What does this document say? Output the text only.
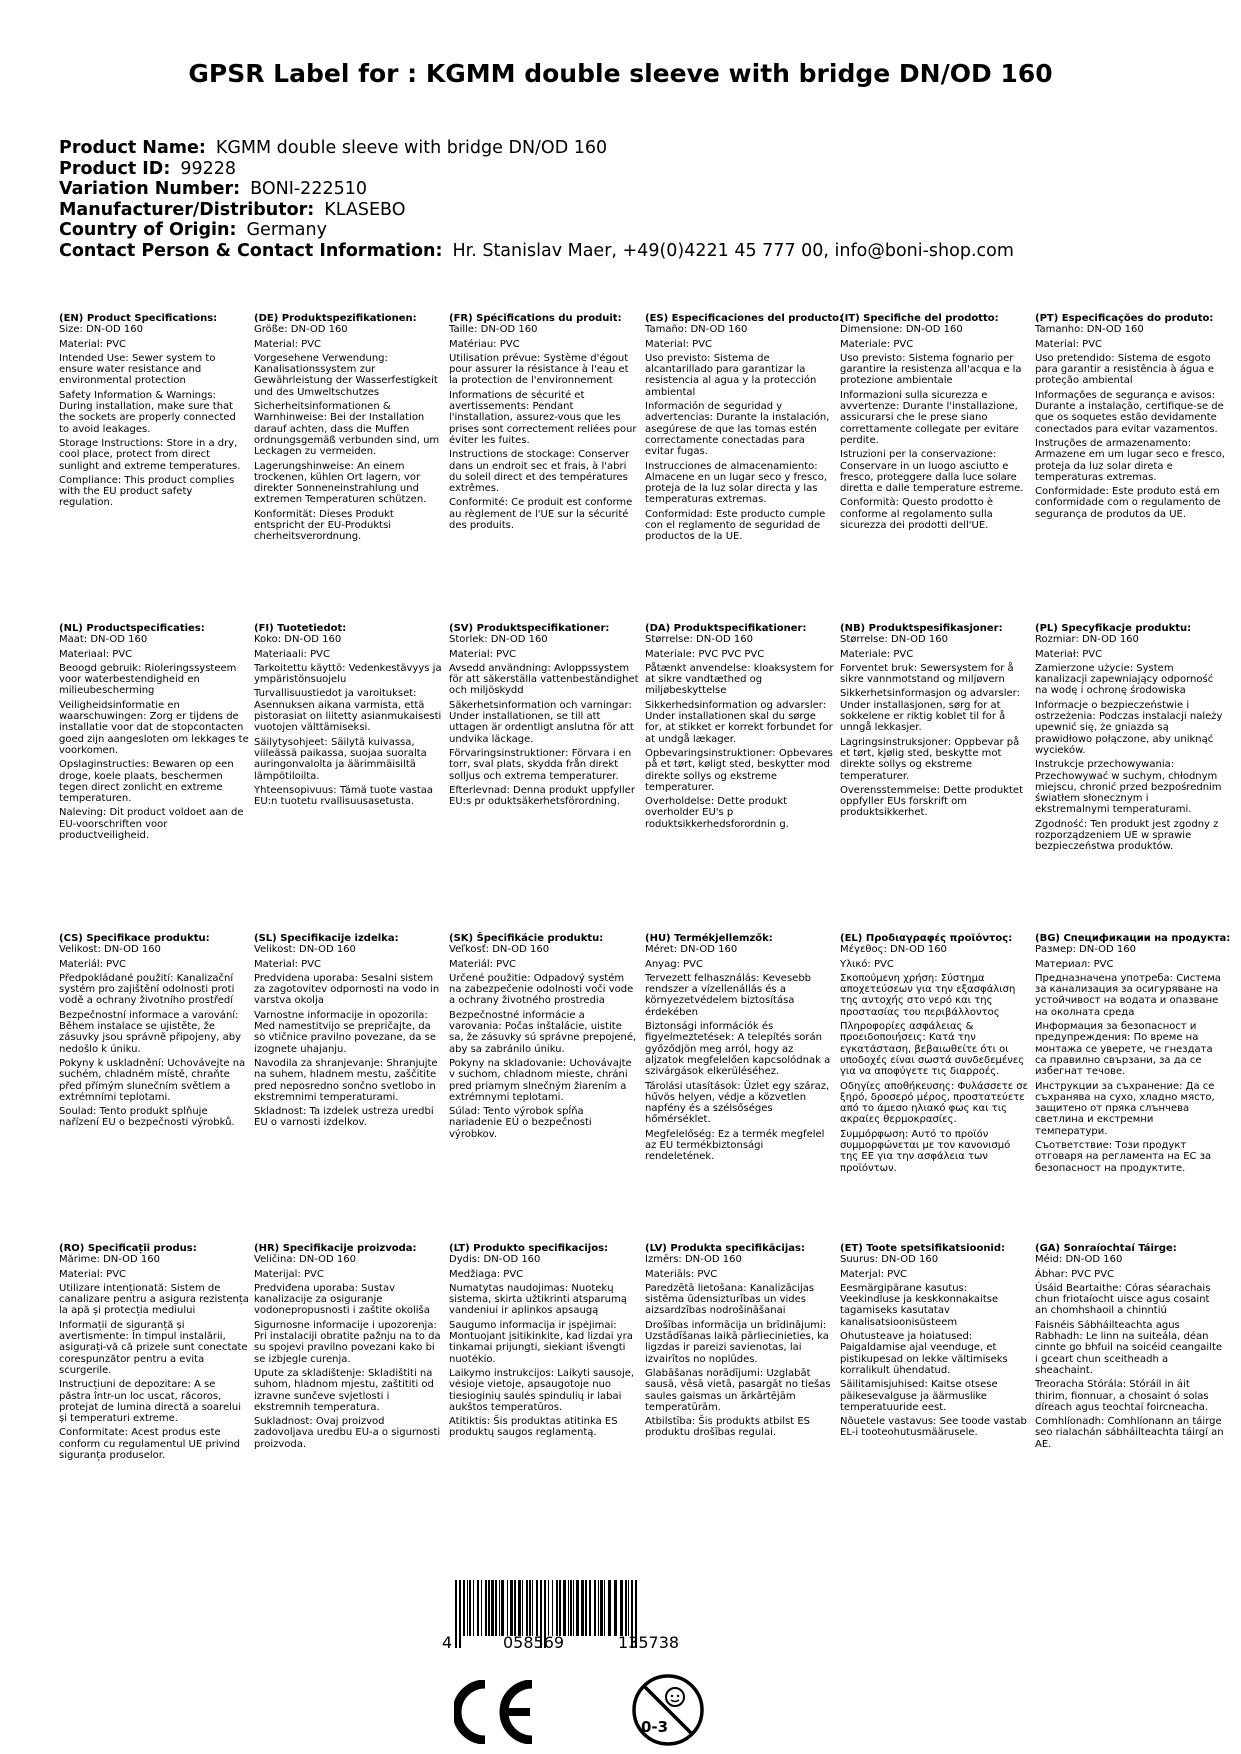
GPSR Label for : KGMM double sleeve with bridge DN/OD 160
Product Name: KGMM double sleeve with bridge DN/OD 160
Product ID: 99228
Variation Number: BONI-222510
Manufacturer/Distributor: KLASEBO
Country of Origin: Germany
Contact Person & Contact Information: Hr. Stanislav Maer, +49(0)4221 45 777 00, info@boni-shop.com
(EN) Product Specifications:
Size: DN-OD 160
Material: PVC
Intended Use: Sewer system to ensure water resistance and environmental protection
Safety Information & Warnings: During installation, make sure that the sockets are properly connected to avoid leakages.
Storage Instructions: Store in a dry, cool place, protect from direct sunlight and extreme temperatures.
Compliance: This product complies with the EU product safety regulation.
(DE) Produktspezifikationen:
Größe: DN-OD 160
Material: PVC
Vorgesehene Verwendung: Kanalisationssystem zur Gewährleistung der Wasserfestigkeit und des Umweltschutzes
Sicherheitsinformationen & Warnhinweise: Bei der Installation darauf achten, dass die Muffen ordnungsgemäß verbunden sind, um Leckagen zu vermeiden.
Lagerungshinweise: An einem trockenen, kühlen Ort lagern, vor direkter Sonneneinstrahlung und extremen Temperaturen schützen.
Konformität: Dieses Produkt entspricht der EU-Produktsi cherheitsverordnung.
(FR) Spécifications du produit:
Taille: DN-OD 160
Matériau: PVC
Utilisation prévue: Système d'égout pour assurer la résistance à l'eau et la protection de l'environnement
Informations de sécurité et avertissements: Pendant l'installation, assurez-vous que les prises sont correctement reliées pour éviter les fuites.
Instructions de stockage: Conserver dans un endroit sec et frais, à l'abri du soleil direct et des températures extrêmes.
Conformité: Ce produit est conforme au règlement de l'UE sur la sécurité des produits.
(ES) Especificaciones del producto:
Tamaño: DN-OD 160
Material: PVC
Uso previsto: Sistema de alcantarillado para garantizar la resistencia al agua y la protección ambiental
Información de seguridad y advertencias: Durante la instalación, asegúrese de que las tomas estén correctamente conectadas para evitar fugas.
Instrucciones de almacenamiento: Almacene en un lugar seco y fresco, proteja de la luz solar directa y las temperaturas extremas.
Conformidad: Este producto cumple con el reglamento de seguridad de productos de la UE.
(IT) Specifiche del prodotto:
Dimensione: DN-OD 160
Materiale: PVC
Uso previsto: Sistema fognario per garantire la resistenza all'acqua e la protezione ambientale
Informazioni sulla sicurezza e avvertenze: Durante l'installazione, assicurarsi che le prese siano correttamente collegate per evitare perdite.
Istruzioni per la conservazione: Conservare in un luogo asciutto e fresco, proteggere dalla luce solare diretta e dalle temperature estreme.
Conformità: Questo prodotto è conforme al regolamento sulla sicurezza dei prodotti dell'UE.
(PT) Especificações do produto:
Tamanho: DN-OD 160
Material: PVC
Uso pretendido: Sistema de esgoto para garantir a resistência à água e proteção ambiental
Informações de segurança e avisos: Durante a instalação, certifique-se de que os soquetes estão devidamente conectados para evitar vazamentos.
Instruções de armazenamento: Armazene em um lugar seco e fresco, proteja da luz solar direta e temperaturas extremas.
Conformidade: Este produto está em conformidade com o regulamento de segurança de produtos da UE.
(NL) Productspecificaties:
Maat: DN-OD 160
Materiaal: PVC
Beoogd gebruik: Rioleringssysteem voor waterbestendigheid en milieubescherming
Veiligheidsinformatie en waarschuwingen: Zorg er tijdens de installatie voor dat de stopcontacten goed zijn aangesloten om lekkages te voorkomen.
Opslaginstructies: Bewaren op een droge, koele plaats, beschermen tegen direct zonlicht en extreme temperaturen.
Naleving: Dit product voldoet aan de EU-voorschriften voor productveiligheid.
(FI) Tuotetiedot:
Koko: DN-OD 160
Materiaali: PVC
Tarkoitettu käyttö: Vedenkestävyys ja ympäristönsuojelu
Turvallisuustiedot ja varoitukset: Asennuksen aikana varmista, että pistorasiat on liitetty asianmukaisesti vuotojen välttämiseksi.
Säilytysohjeet: Säilytä kuivassa, viileässä paikassa, suojaa suoralta auringonvalolta ja äärimmäisiltä lämpötiloilta.
Yhteensopivuus: Tämä tuote vastaa EU:n tuotetu rvallisuusasetusta.
(SV) Produktspecifikationer:
Storlek: DN-OD 160
Material: PVC
Avsedd användning: Avloppssystem för att säkerställa vattenbeständighet och miljöskydd
Säkerhetsinformation och varningar: Under installationen, se till att uttagen är ordentligt anslutna för att undvika läckage.
Förvaringsinstruktioner: Förvara i en torr, sval plats, skydda från direkt solljus och extrema temperaturer.
Efterlevnad: Denna produkt uppfyller EU:s pr oduktsäkerhetsförordning.
(DA) Produktspecifikationer:
Størrelse: DN-OD 160
Materiale: PVC PVC PVC
Påtænkt anvendelse: kloaksystem for at sikre vandtæthed og miljøbeskyttelse
Sikkerhedsinformation og advarsler: Under installationen skal du sørge for, at stikket er korrekt forbundet for at undgå lækager.
Opbevaringsinstruktioner: Opbevares på et tørt, køligt sted, beskytter mod direkte sollys og ekstreme temperaturer.
Overholdelse: Dette produkt overholder EU's p roduktsikkerhedsforordnin g.
(NB) Produktspesifikasjoner:
Størrelse: DN-OD 160
Materiale: PVC
Forventet bruk: Sewersystem for å sikre vannmotstand og miljøvern
Sikkerhetsinformasjon og advarsler: Under installasjonen, sørg for at sokkelene er riktig koblet til for å unngå lekkasjer.
Lagringsinstruksjoner: Oppbevar på et tørt, kjølig sted, beskytte mot direkte sollys og ekstreme temperaturer.
Overensstemmelse: Dette produktet oppfyller EUs forskrift om produktsikkerhet.
(PL) Specyfikacje produktu:
Rozmiar: DN-OD 160
Materiał: PVC
Zamierzone użycie: System kanalizacji zapewniający odporność na wodę i ochronę środowiska
Informacje o bezpieczeństwie i ostrzeżenia: Podczas instalacji należy upewnić się, że gniazda są prawidłowo połączone, aby uniknąć wycieków.
Instrukcje przechowywania: Przechowywać w suchym, chłodnym miejscu, chronić przed bezpośrednim światłem słonecznym i ekstremalnymi temperaturami.
Zgodność: Ten produkt jest zgodny z rozporządzeniem UE w sprawie bezpieczeństwa produktów.
(CS) Specifikace produktu:
Velikost: DN-OD 160
Materiál: PVC
Předpokládané použití: Kanalizační systém pro zajištění odolnosti proti vodě a ochrany životního prostředí
Bezpečnostní informace a varování: Během instalace se ujistěte, že zásuvky jsou správně připojeny, aby nedošlo k úniku.
Pokyny k uskladnění: Uchovávejte na suchém, chladném místě, chraňte před přímým slunečním světlem a extrémními teplotami.
Soulad: Tento produkt splňuje nařízení EU o bezpečnosti výrobků.
(SL) Specifikacije izdelka:
Velikost: DN-OD 160
Material: PVC
Predvidena uporaba: Sesalni sistem za zagotovitev odpornosti na vodo in varstva okolja
Varnostne informacije in opozorila: Med namestitvijo se prepričajte, da so vtičnice pravilno povezane, da se izognete uhajanju.
Navodila za shranjevanje: Shranjujte na suhem, hladnem mestu, zaščitite pred neposredno sončno svetlobo in ekstremnimi temperaturami.
Skladnost: Ta izdelek ustreza uredbi EU o varnosti izdelkov.
(SK) Špecifikácie produktu:
Veľkosť: DN-OD 160
Materiál: PVC
Určené použitie: Odpadový systém na zabezpečenie odolnosti voči vode a ochrany životného prostredia
Bezpečnostné informácie a varovania: Počas inštalácie, uistite sa, že zásuvky sú správne prepojené, aby sa zabránilo úniku.
Pokyny na skladovanie: Uchovávajte v suchom, chladnom mieste, chráni pred priamym slnečným žiarením a extrémnymi teplotami.
Súlad: Tento výrobok spĺňa nariadenie EÚ o bezpečnosti výrobkov.
(HU) Termékjellemzők:
Méret: DN-OD 160
Anyag: PVC
Tervezett felhasználás: Kevesebb rendszer a vízellenállás és a környezetvédelem biztosítása érdekében
Biztonsági információk és figyelmeztetések: A telepítés során győződjön meg arról, hogy az aljzatok megfelelően kapcsolódnak a szivárgások elkerüléséhez.
Tárolási utasítások: Üzlet egy száraz, hűvös helyen, védje a közvetlen napfény és a szélsőséges hőmérséklet.
Megfelelőség: Ez a termék megfelel az EU termékbiztonsági rendeletének.
(EL) Προδιαγραφές προϊόντος:
Μέγεθος: DN-OD 160
Υλικό: PVC
Σκοπούμενη χρήση: Σύστημα αποχετεύσεων για την εξασφάλιση της αντοχής στο νερό και της προστασίας του περιβάλλοντος
Πληροφορίες ασφάλειας & προειδοποιήσεις: Κατά την εγκατάσταση, βεβαιωθείτε ότι οι υποδοχές είναι σωστά συνδεδεμένες για να αποφύγετε τις διαρροές.
Οδηγίες αποθήκευσης: Φυλάσσετε σε ξηρό, δροσερό μέρος, προστατεύετε από το άμεσο ηλιακό φως και τις ακραίες θερμοκρασίες.
Συμμόρφωση: Αυτό το προϊόν συμμορφώνεται με τον κανονισμό της ΕΕ για την ασφάλεια των προϊόντων.
(BG) Спецификации на продукта:
Размер: DN-OD 160
Материал: PVC
Предназначена употреба: Система за канализация за осигуряване на устойчивост на водата и опазване на околната среда
Информация за безопасност и предупреждения: По време на монтажа се уверете, че гнездата са правилно свързани, за да се избегнат течове.
Инструкции за съхранение: Да се съхранява на сухо, хладно място, защитено от пряка слънчева светлина и екстремни температури.
Съответствие: Този продукт отговаря на регламента на ЕС за безопасност на продуктите.
(RO) Specificații produs:
Mărime: DN-OD 160
Material: PVC
Utilizare intenționată: Sistem de canalizare pentru a asigura rezistența la apă și protecția mediului
Informații de siguranță și avertismente: În timpul instalării, asigurați-vă că prizele sunt conectate corespunzător pentru a evita scurgerile.
Instrucțiuni de depozitare: A se păstra într-un loc uscat, răcoros, protejat de lumina directă a soarelui și temperaturi extreme.
Conformitate: Acest produs este conform cu regulamentul UE privind siguranța produselor.
(HR) Specifikacije proizvoda:
Veličina: DN-OD 160
Materijal: PVC
Predviđena uporaba: Sustav kanalizacije za osiguranje vodonepropusnosti i zaštite okoliša
Sigurnosne informacije i upozorenja: Pri instalaciji obratite pažnju na to da su spojevi pravilno povezani kako bi se izbjegle curenja.
Upute za skladištenje: Skladištiti na suhom, hladnom mjestu, zaštititi od izravne sunčeve svjetlosti i ekstremnih temperatura.
Sukladnost: Ovaj proizvod zadovoljava uredbu EU-a o sigurnosti proizvoda.
(LT) Produkto specifikacijos:
Dydis: DN-OD 160
Medžiaga: PVC
Numatytas naudojimas: Nuotekų sistema, skirta užtikrinti atsparumą vandeniui ir aplinkos apsaugą
Saugumo informacija ir įspėjimai: Montuojant įsitikinkite, kad lizdai yra tinkamai prijungti, siekiant išvengti nuotėkio.
Laikymo instrukcijos: Laikyti sausoje, vėsioje vietoje, apsaugotoje nuo tiesioginių saulės spindulių ir labai aukštos temperatūros.
Atitiktis: Šis produktas atitinka ES produktų saugos reglamentą.
(LV) Produkta specifikācijas:
Izmērs: DN-OD 160
Materiāls: PVC
Paredzētā lietošana: Kanalizācijas sistēma ūdensizturības un vides aizsardzības nodrošināšanai
Drošības informācija un brīdinājumi: Uzstādīšanas laikā pārliecinieties, ka ligzdas ir pareizi savienotas, lai izvairītos no noplūdes.
Glabāšanas norādījumi: Uzglabāt sausā, vēsā vietā, pasargāt no tiešas saules gaismas un ārkārtējām temperatūrām.
Atbilstība: Šis produkts atbilst ES produktu drošības regulai.
(ET) Toote spetsifikatsioonid:
Suurus: DN-OD 160
Materjal: PVC
Eesmärgipärane kasutus: Veekindluse ja keskkonnakaitse tagamiseks kasutatav kanalisatsioonisüsteem
Ohutusteave ja hoiatused: Paigaldamise ajal veenduge, et pistikupesad on lekke vältimiseks korralikult ühendatud.
Säilitamisjuhised: Kaitse otsese päikesevalguse ja äärmuslike temperatuuride eest.
Nõuetele vastavus: See toode vastab EL-i tooteohutusmäärusele.
(GA) Sonraíochtaí Táirge:
Méid: DN-OD 160
Ábhar: PVC PVC
Úsáid Beartaithe: Córas séarachais chun friotaíocht uisce agus cosaint an chomhshaoil a chinntiú
Faisnéis Sábháilteachta agus Rabhadh: Le linn na suiteála, déan cinnte go bhfuil na soicéid ceangailte i gceart chun sceitheadh a sheachaint.
Treoracha Stórála: Stóráil in áit thirim, fionnuar, a chosaint ó solas díreach agus teochtaí foircneacha.
Comhlíonadh: Comhlíonann an táirge seo rialachán sábháilteachta táirgí an AE.
4	058569	135738
0-3
